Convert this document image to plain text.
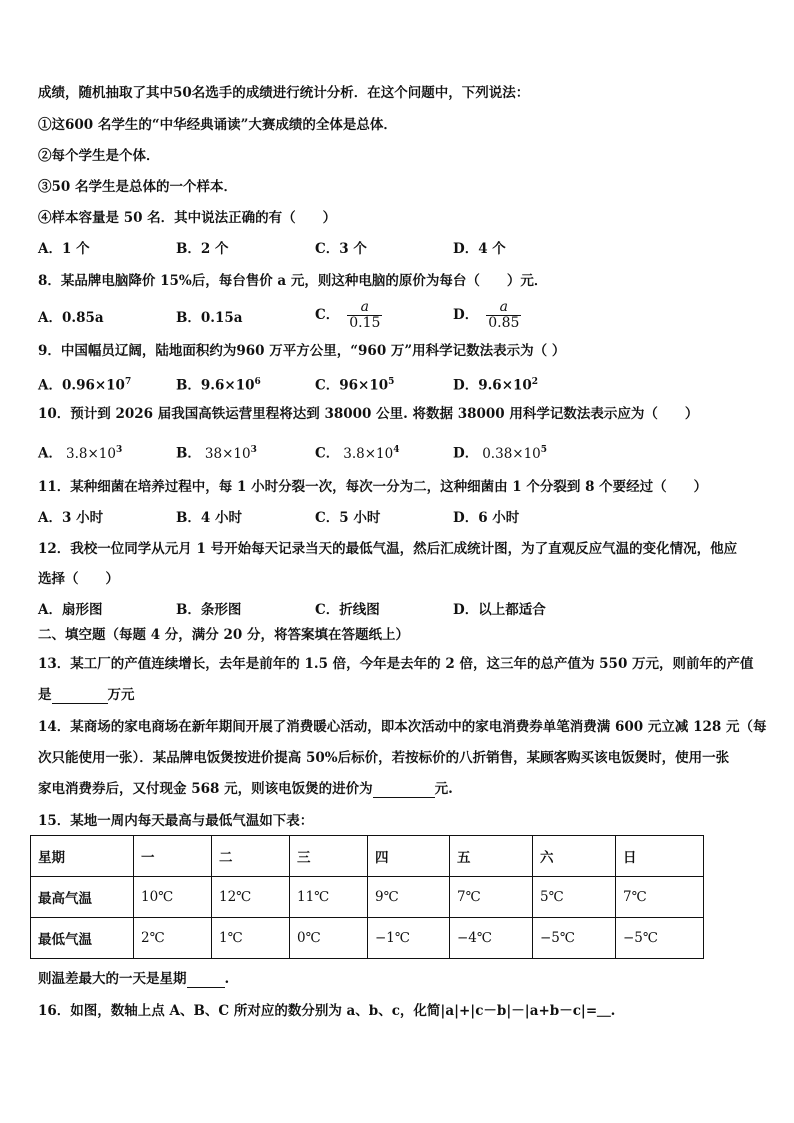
成绩，随机抽取了其中50名选手的成绩进行统计分析．在这个问题中，下列说法：
①这600 名学生的“中华经典诵读”大赛成绩的全体是总体．
②每个学生是个体．
③50 名学生是总体的一个样本．
④样本容量是 50 名．其中说法正确的有（　　）
A．1 个	B．2 个	C．3 个	D．4 个
8．某品牌电脑降价 15%后，每台售价 a 元，则这种电脑的原价为每台（　　）元．
A．0.85a	B．0.15a	C． $\frac{a}{0.15}$	D． $\frac{a}{0.85}$
9．中国幅员辽阔，陆地面积约为960 万平方公里，“960 万”用科学记数法表示为（ ）
A．$0.96\times 10^7$	B．$9.6\times 10^6$	C．$96\times 10^5$	D．$9.6\times 10^2$
10．预计到 2026 届我国高铁运营里程将达到 38000 公里. 将数据 38000 用科学记数法表示应为（　　）
A． $3.8\times 10^3$	B． $38\times 10^3$	C． $3.8\times 10^4$	D． $0.38\times 10^5$
11．某种细菌在培养过程中，每 1 小时分裂一次，每次一分为二，这种细菌由 1 个分裂到 8 个要经过（　　）
A．3 小时	B．4 小时	C．5 小时	D．6 小时
12．我校一位同学从元月 1 号开始每天记录当天的最低气温，然后汇成统计图，为了直观反应气温的变化情况，他应
选择（　　）
A．扇形图	B．条形图	C．折线图	D．以上都适合
二、填空题（每题 4 分，满分 20 分，将答案填在答题纸上）
13．某工厂的产值连续增长，去年是前年的 1.5 倍，今年是去年的 2 倍，这三年的总产值为 550 万元，则前年的产值
是	万元
14．某商场的家电商场在新年期间开展了消费暖心活动，即本次活动中的家电消费券单笔消费满 600 元立减 128 元（每
次只能使用一张）．某品牌电饭煲按进价提高 50%后标价，若按标价的八折销售，某顾客购买该电饭煲时，使用一张
家电消费券后，又付现金 568 元，则该电饭煲的进价为	元.
15．某地一周内每天最高与最低气温如下表：
星期	一	二	三	四	五	六	日
最高气温	10℃	12℃	11℃	9℃	7℃	5℃	7℃
最低气温	2℃	1℃	0℃	−1℃	−4℃	−5℃	−5℃
则温差最大的一天是星期	.
16．如图，数轴上点 A、B、C 所对应的数分别为 a、b、c，化简|a|+|c－b|－|a+b－c|=＿.
